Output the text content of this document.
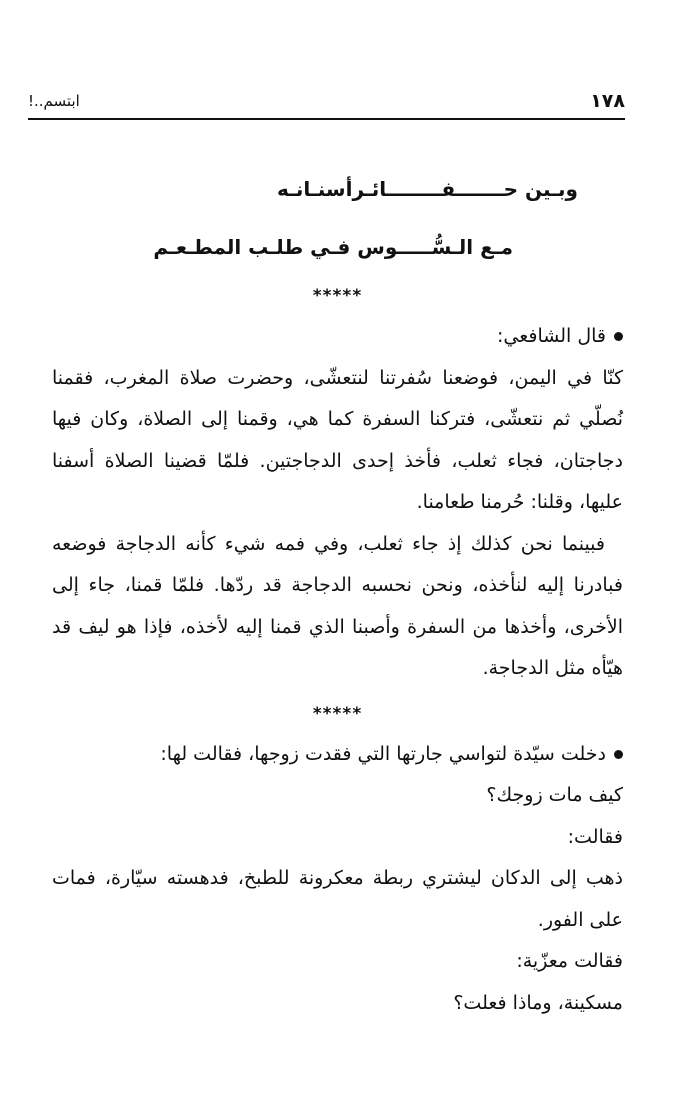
١٧٨
ابتسم..!
وبـين حـــــــفــــــــائـرأسنـانـه
مـع الـسُّـــــوس فـي طلـب المطـعـم
*****

قال الشافعي:

كنّا في اليمن، فوضعنا سُفرتنا لنتعشّى، وحضرت صلاة المغرب، فقمنا نُصلّي ثم نتعشّى، فتركنا السفرة كما هي، وقمنا إلى الصلاة، وكان فيها دجاجتان، فجاء ثعلب، فأخذ إحدى الدجاجتين. فلمّا قضينا الصلاة أسفنا عليها، وقلنا: حُرمنا طعامنا.

فبينما نحن كذلك إذ جاء ثعلب، وفي فمه شيء كأنه الدجاجة فوضعه فبادرنا إليه لنأخذه، ونحن نحسبه الدجاجة قد ردّها. فلمّا قمنا، جاء إلى الأخرى، وأخذها من السفرة وأصبنا الذي قمنا إليه لأخذه، فإذا هو ليف قد هيّأه مثل الدجاجة.

*****

دخلت سيّدة لتواسي جارتها التي فقدت زوجها، فقالت لها:

كيف مات زوجك؟

فقالت:

ذهب إلى الدكان ليشتري ربطة معكرونة للطبخ، فدهسته سيّارة، فمات على الفور.

فقالت معزّية:

مسكينة، وماذا فعلت؟
